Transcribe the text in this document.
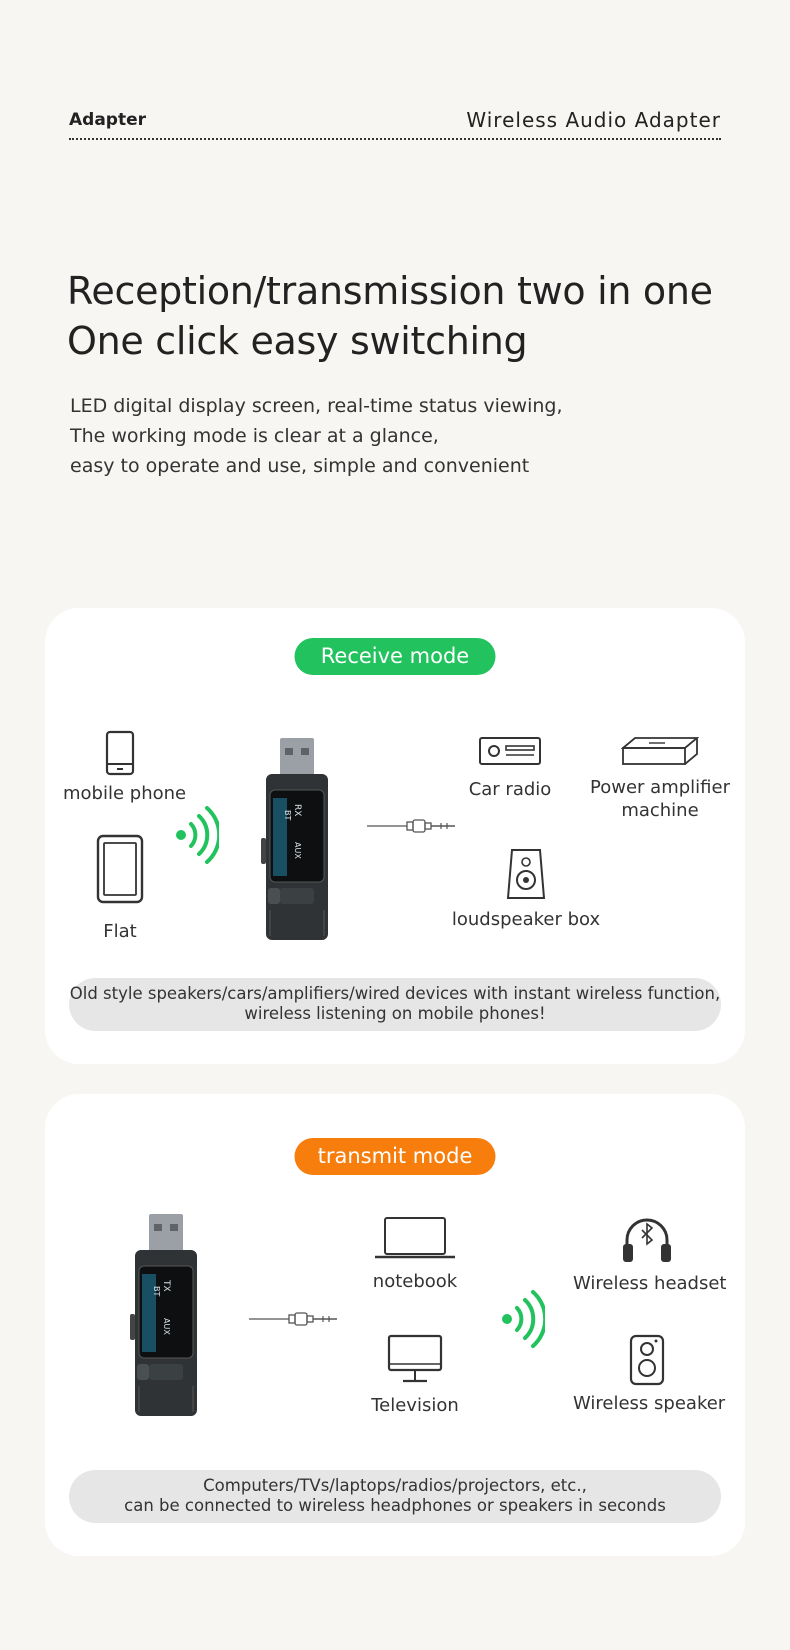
Adapter	Wireless Audio Adapter
Reception/transmission two in one
One click easy switching
LED digital display screen, real-time status viewing,
The working mode is clear at a glance,
easy to operate and use, simple and convenient
Receive mode
mobile phone
Flat
RX
BT
AUX
Car radio	Power amplifier
machine
loudspeaker box
Old style speakers/cars/amplifiers/wired devices with instant wireless function,
wireless listening on mobile phones!
transmit mode
TX
BT
AUX
notebook
Television
Wireless headset
Wireless speaker
Computers/TVs/laptops/radios/projectors, etc.,
can be connected to wireless headphones or speakers in seconds
